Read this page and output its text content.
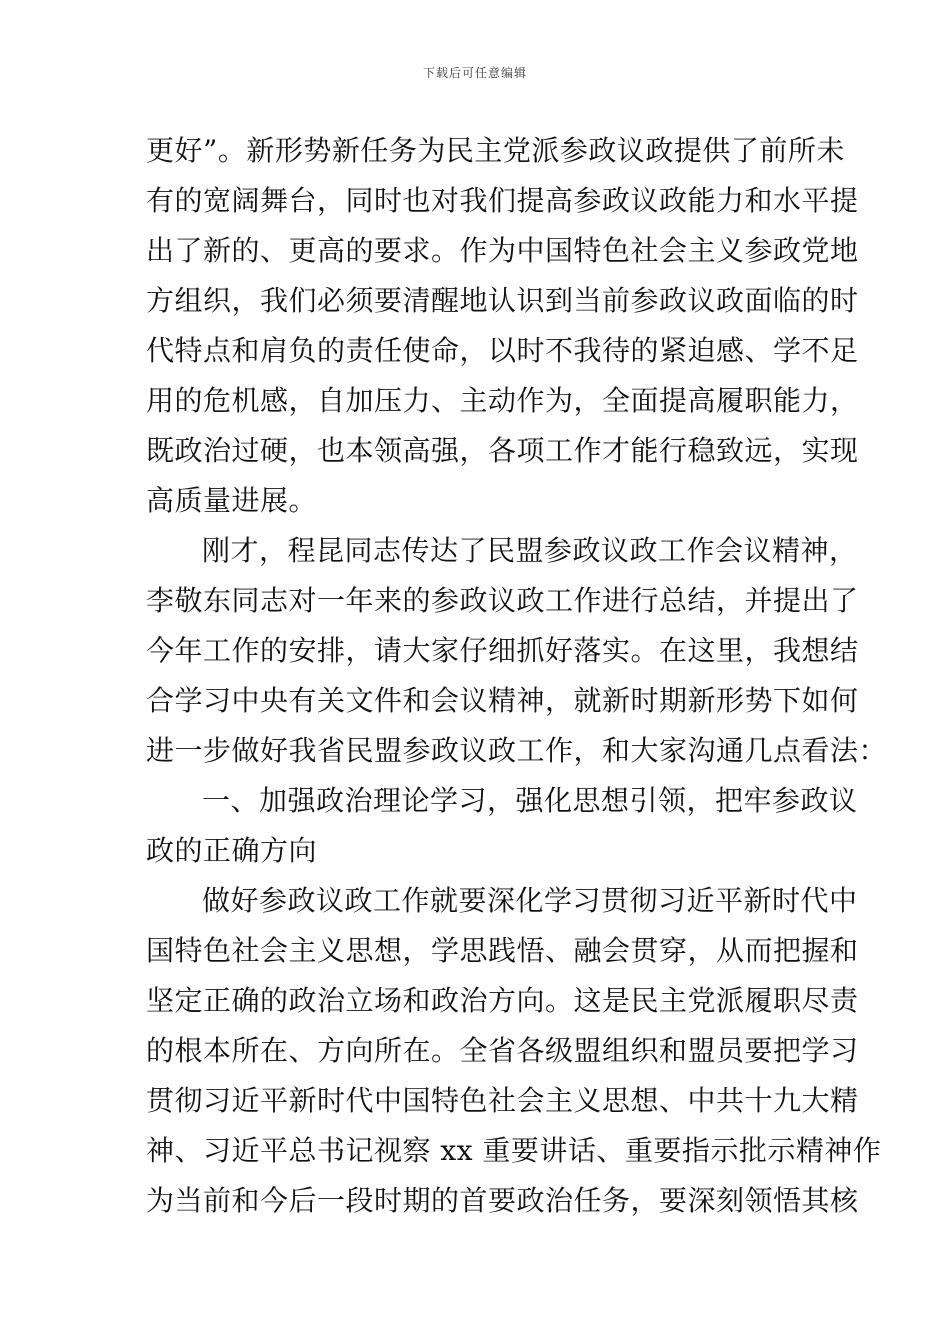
下载后可任意编辑
更好”。新形势新任务为民主党派参政议政提供了前所未
有的宽阔舞台，同时也对我们提高参政议政能力和水平提
出了新的、更高的要求。作为中国特色社会主义参政党地
方组织，我们必须要清醒地认识到当前参政议政面临的时
代特点和肩负的责任使命，以时不我待的紧迫感、学不足
用的危机感，自加压力、主动作为，全面提高履职能力，
既政治过硬，也本领高强，各项工作才能行稳致远，实现
高质量进展。
刚才，程昆同志传达了民盟参政议政工作会议精神，
李敬东同志对一年来的参政议政工作进行总结，并提出了
今年工作的安排，请大家仔细抓好落实。在这里，我想结
合学习中央有关文件和会议精神，就新时期新形势下如何
进一步做好我省民盟参政议政工作，和大家沟通几点看法：
一、加强政治理论学习，强化思想引领，把牢参政议
政的正确方向
做好参政议政工作就要深化学习贯彻习近平新时代中
国特色社会主义思想，学思践悟、融会贯穿，从而把握和
坚定正确的政治立场和政治方向。这是民主党派履职尽责
的根本所在、方向所在。全省各级盟组织和盟员要把学习
贯彻习近平新时代中国特色社会主义思想、中共十九大精
神、习近平总书记视察 xx 重要讲话、重要指示批示精神作
为当前和今后一段时期的首要政治任务，要深刻领悟其核
